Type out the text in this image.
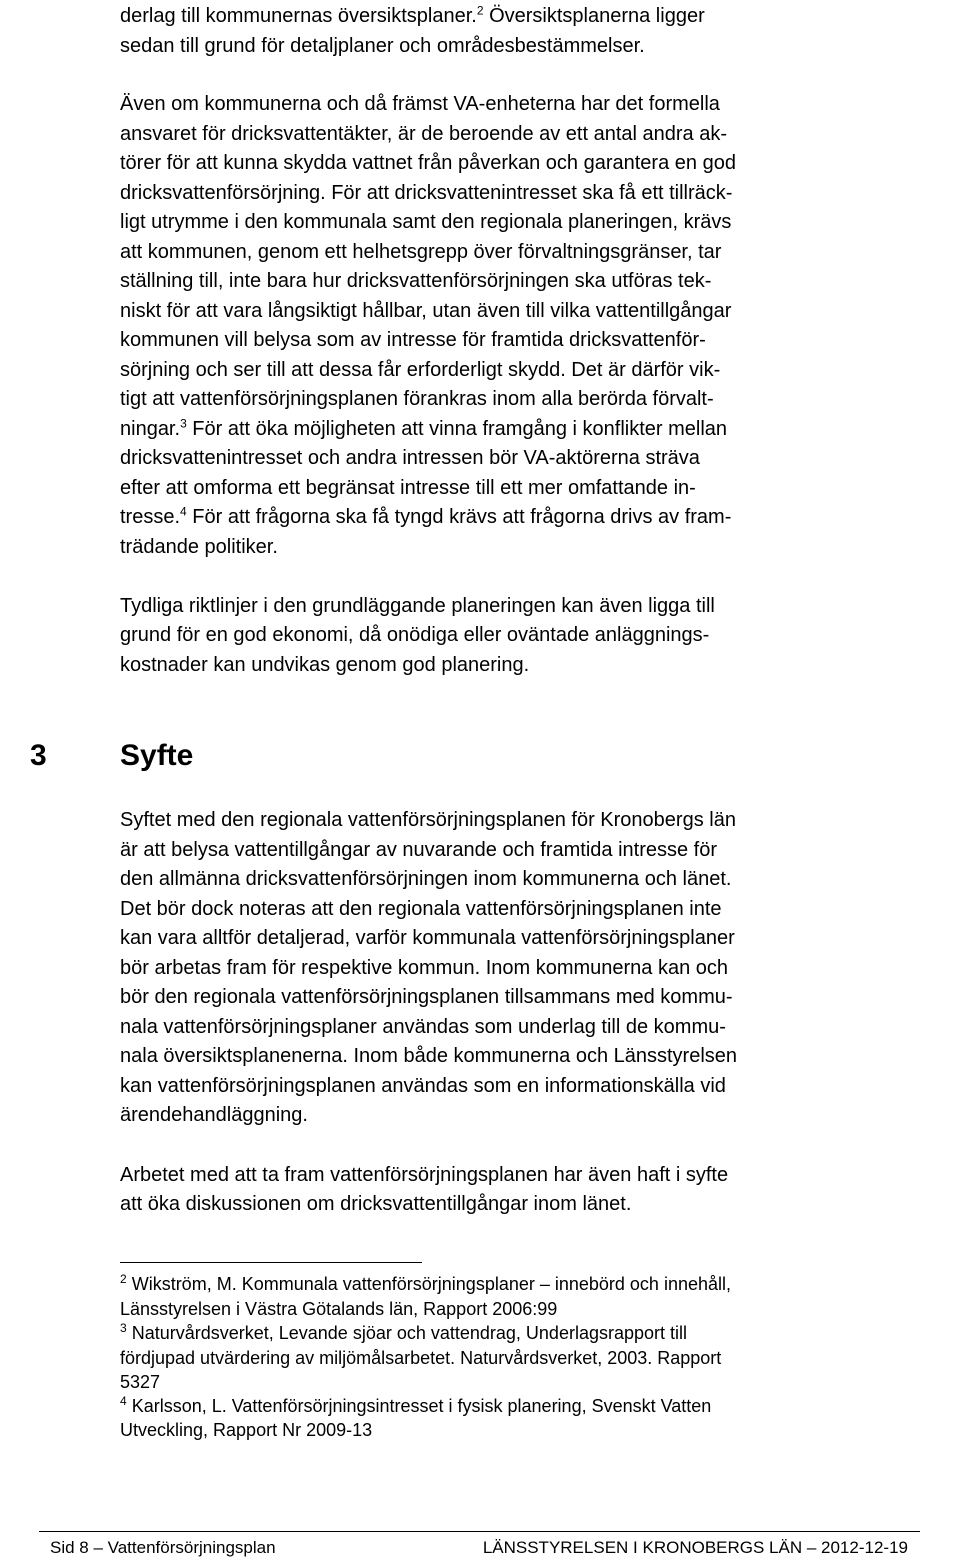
derlag till kommunernas översiktsplaner.$^2$ Översiktsplanerna ligger
sedan till grund för detaljplaner och områdesbestämmelser.
Även om kommunerna och då främst VA-enheterna har det formella
ansvaret för dricksvattentäkter, är de beroende av ett antal andra ak-
törer för att kunna skydda vattnet från påverkan och garantera en god
dricksvattenförsörjning. För att dricksvattenintresset ska få ett tillräck-
ligt utrymme i den kommunala samt den regionala planeringen, krävs
att kommunen, genom ett helhetsgrepp över förvaltningsgränser, tar
ställning till, inte bara hur dricksvattenförsörjningen ska utföras tek-
niskt för att vara långsiktigt hållbar, utan även till vilka vattentillgångar
kommunen vill belysa som av intresse för framtida dricksvattenför-
sörjning och ser till att dessa får erforderligt skydd. Det är därför vik-
tigt att vattenförsörjningsplanen förankras inom alla berörda förvalt-
ningar.$^3$ För att öka möjligheten att vinna framgång i konflikter mellan
dricksvattenintresset och andra intressen bör VA-aktörerna sträva
efter att omforma ett begränsat intresse till ett mer omfattande in-
tresse.$^4$ För att frågorna ska få tyngd krävs att frågorna drivs av fram-
trädande politiker.
Tydliga riktlinjer i den grundläggande planeringen kan även ligga till
grund för en god ekonomi, då onödiga eller oväntade anläggnings-
kostnader kan undvikas genom god planering.
3 Syfte
Syftet med den regionala vattenförsörjningsplanen för Kronobergs län
är att belysa vattentillgångar av nuvarande och framtida intresse för
den allmänna dricksvattenförsörjningen inom kommunerna och länet.
Det bör dock noteras att den regionala vattenförsörjningsplanen inte
kan vara alltför detaljerad, varför kommunala vattenförsörjningsplaner
bör arbetas fram för respektive kommun. Inom kommunerna kan och
bör den regionala vattenförsörjningsplanen tillsammans med kommu-
nala vattenförsörjningsplaner användas som underlag till de kommu-
nala översiktsplanenerna. Inom både kommunerna och Länsstyrelsen
kan vattenförsörjningsplanen användas som en informationskälla vid
ärendehandläggning.
Arbetet med att ta fram vattenförsörjningsplanen har även haft i syfte
att öka diskussionen om dricksvattentillgångar inom länet.
$^2$ Wikström, M. Kommunala vattenförsörjningsplaner – innebörd och innehåll,
Länsstyrelsen i Västra Götalands län, Rapport 2006:99
$^3$ Naturvårdsverket, Levande sjöar och vattendrag, Underlagsrapport till
fördjupad utvärdering av miljömålsarbetet. Naturvårdsverket, 2003. Rapport
5327
$^4$ Karlsson, L. Vattenförsörjningsintresset i fysisk planering, Svenskt Vatten
Utveckling, Rapport Nr 2009-13
Sid 8 – Vattenförsörjningsplan	LÄNSSTYRELSEN I KRONOBERGS LÄN – 2012-12-19
